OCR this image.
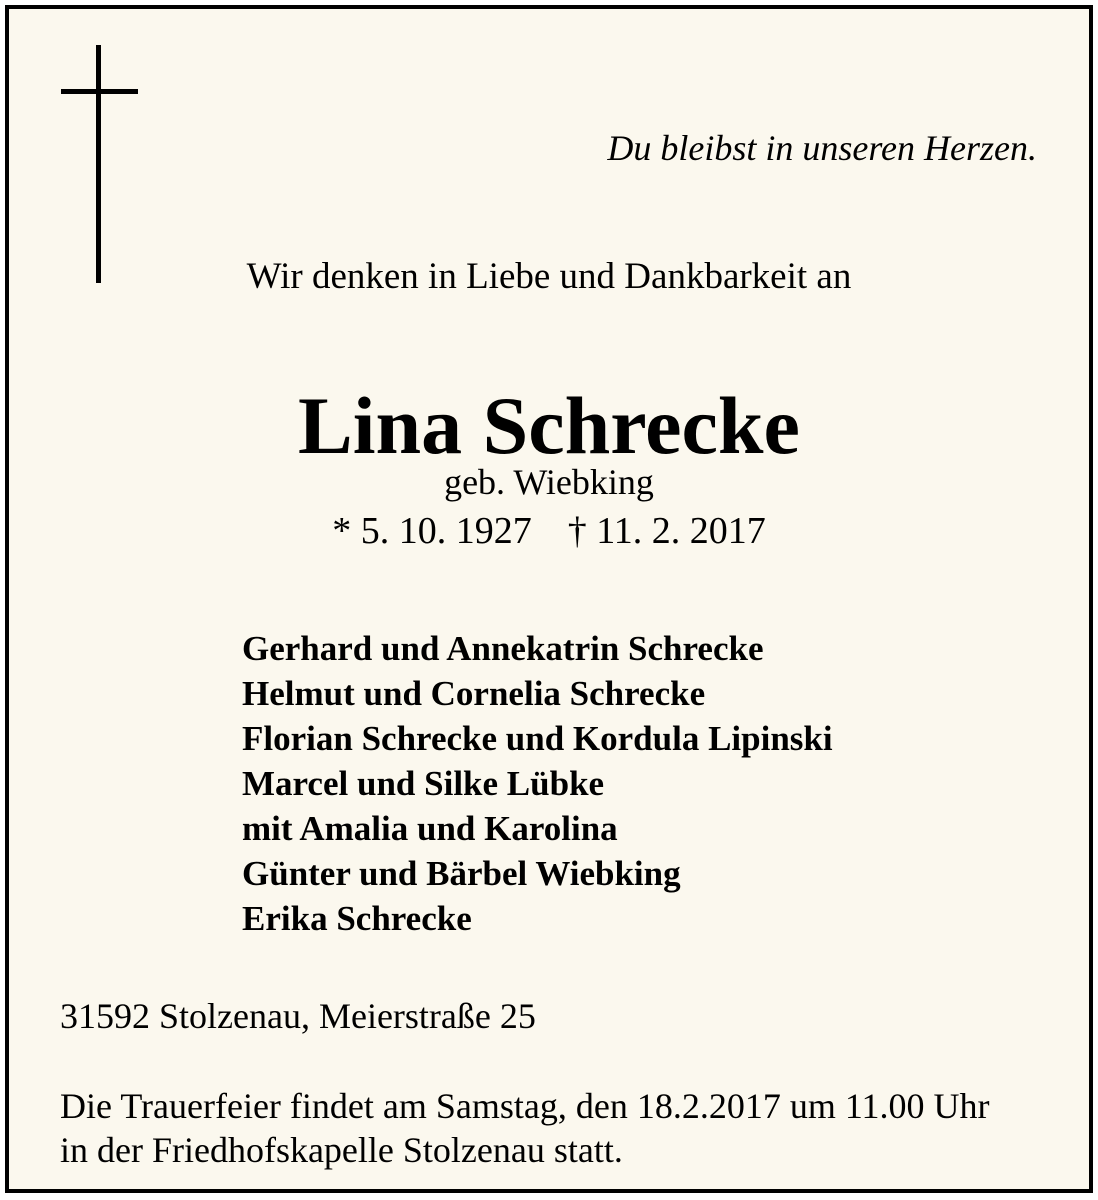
Du bleibst in unseren Herzen.

Wir denken in Liebe und Dankbarkeit an

Lina Schrecke

geb. Wiebking

* 5. 10. 1927 † 11. 2. 2017

Gerhard und Annekatrin Schrecke
Helmut und Cornelia Schrecke
Florian Schrecke und Kordula Lipinski
Marcel und Silke Lübke
mit Amalia und Karolina
Günter und Bärbel Wiebking
Erika Schrecke

31592 Stolzenau, Meierstraße 25

Die Trauerfeier findet am Samstag, den 18.2.2017 um 11.00 Uhr
in der Friedhofskapelle Stolzenau statt.
